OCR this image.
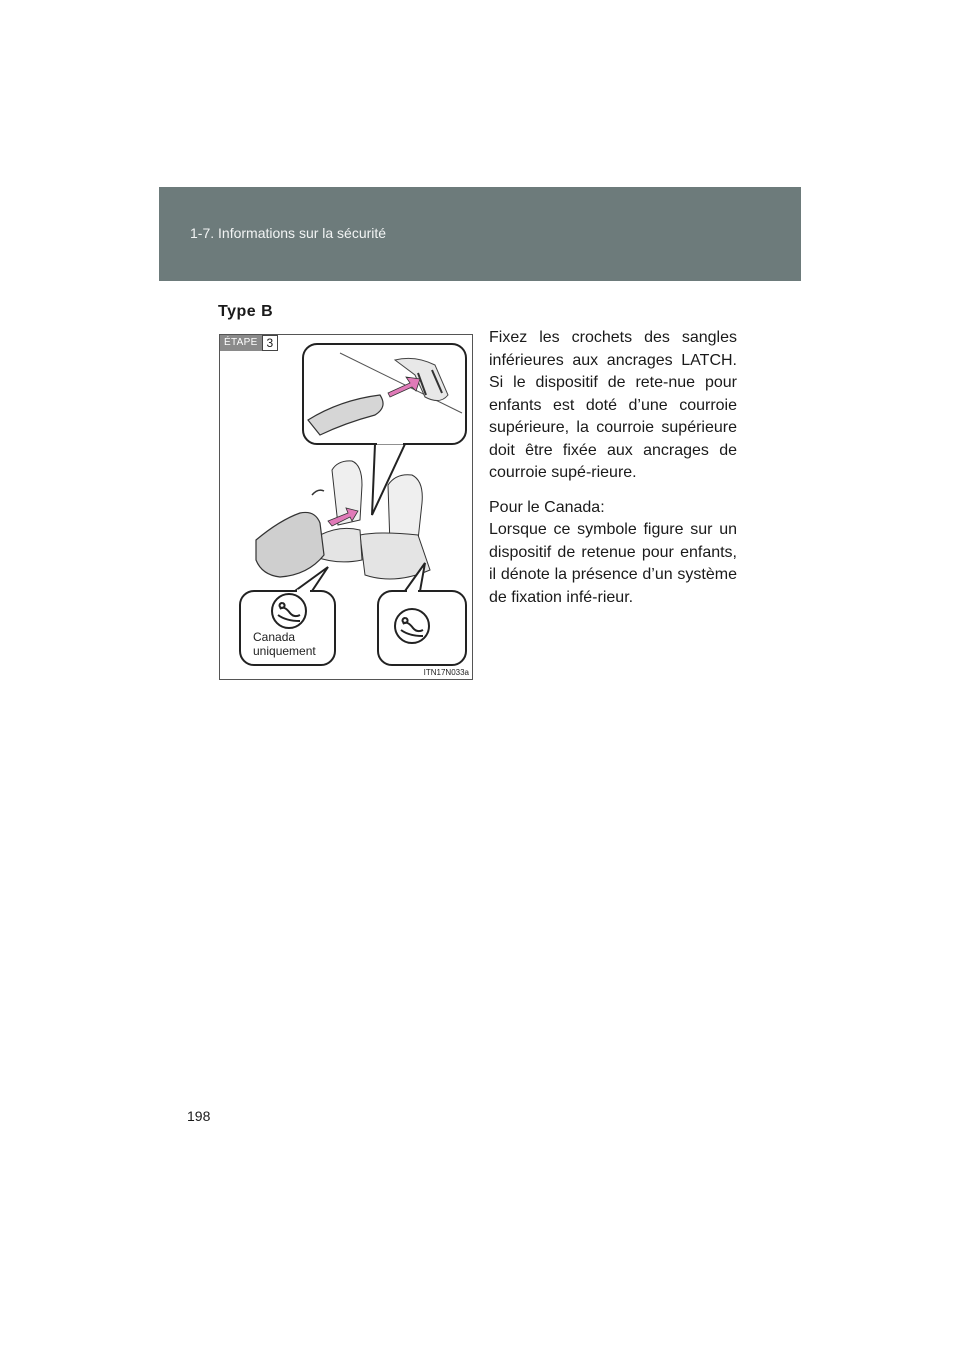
1-7. Informations sur la sécurité
Type B
ÉTAPE 3
Canada
uniquement
ITN17N033a

Fixez les crochets des sangles inférieures aux ancrages LATCH. Si le dispositif de rete-nue pour enfants est doté d’une courroie supérieure, la courroie supérieure doit être fixée aux ancrages de courroie supé-rieure.

Pour le Canada:
Lorsque ce symbole figure sur un dispositif de retenue pour enfants, il dénote la présence d’un système de fixation infé-rieur.

198
